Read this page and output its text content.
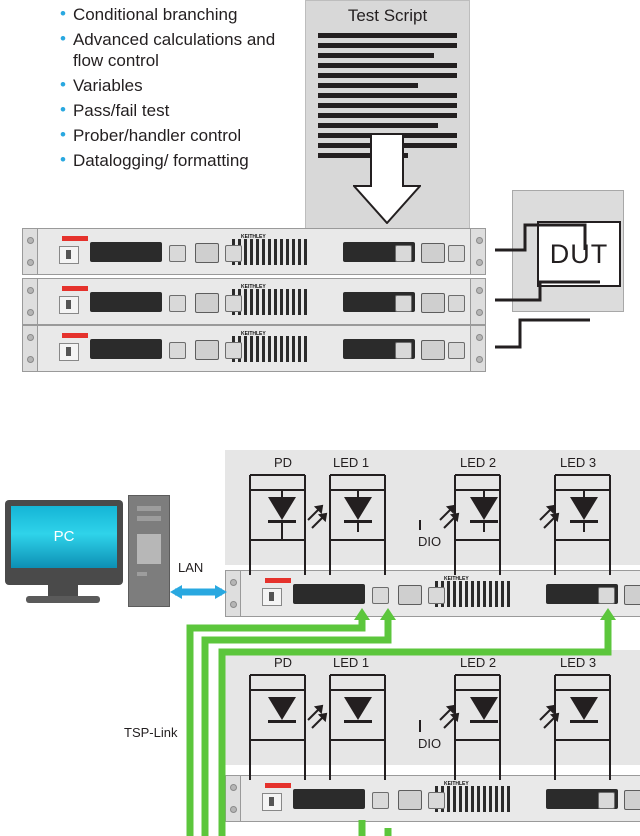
• Conditional branching
• Advanced calculations and flow control
• Variables
• Pass/fail test
• Prober/handler control
• Datalogging/ formatting
Test Script
DUT
KEITHLEY
KEITHLEY
KEITHLEY
PD	LED 1	LED 2	LED 3
DIO
KEITHLEY
PD	LED 1	LED 2	LED 3
DIO
KEITHLEY
PC
LAN
TSP-Link
